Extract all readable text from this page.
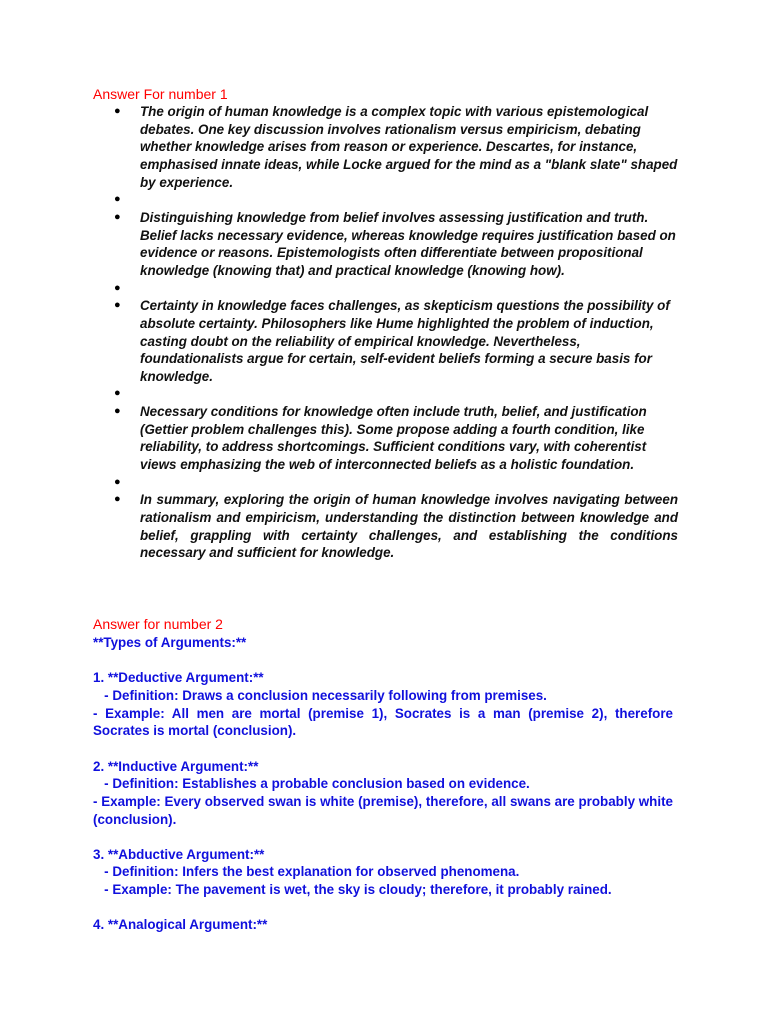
Answer For number 1
● The origin of human knowledge is a complex topic with various epistemological debates. One key discussion involves rationalism versus empiricism, debating whether knowledge arises from reason or experience. Descartes, for instance, emphasised innate ideas, while Locke argued for the mind as a "blank slate" shaped by experience.
●
● Distinguishing knowledge from belief involves assessing justification and truth. Belief lacks necessary evidence, whereas knowledge requires justification based on evidence or reasons. Epistemologists often differentiate between propositional knowledge (knowing that) and practical knowledge (knowing how).
●
● Certainty in knowledge faces challenges, as skepticism questions the possibility of absolute certainty. Philosophers like Hume highlighted the problem of induction, casting doubt on the reliability of empirical knowledge. Nevertheless, foundationalists argue for certain, self-evident beliefs forming a secure basis for knowledge.
●
● Necessary conditions for knowledge often include truth, belief, and justification (Gettier problem challenges this). Some propose adding a fourth condition, like reliability, to address shortcomings. Sufficient conditions vary, with coherentist views emphasizing the web of interconnected beliefs as a holistic foundation.
●
● In summary, exploring the origin of human knowledge involves navigating between rationalism and empiricism, understanding the distinction between knowledge and belief, grappling with certainty challenges, and establishing the conditions necessary and sufficient for knowledge.
Answer for number 2
**Types of Arguments:**
1. **Deductive Argument:**
- Definition: Draws a conclusion necessarily following from premises.
- Example: All men are mortal (premise 1), Socrates is a man (premise 2), therefore Socrates is mortal (conclusion).
2. **Inductive Argument:**
- Definition: Establishes a probable conclusion based on evidence.
- Example: Every observed swan is white (premise), therefore, all swans are probably white (conclusion).
3. **Abductive Argument:**
- Definition: Infers the best explanation for observed phenomena.
- Example: The pavement is wet, the sky is cloudy; therefore, it probably rained.
4. **Analogical Argument:**
